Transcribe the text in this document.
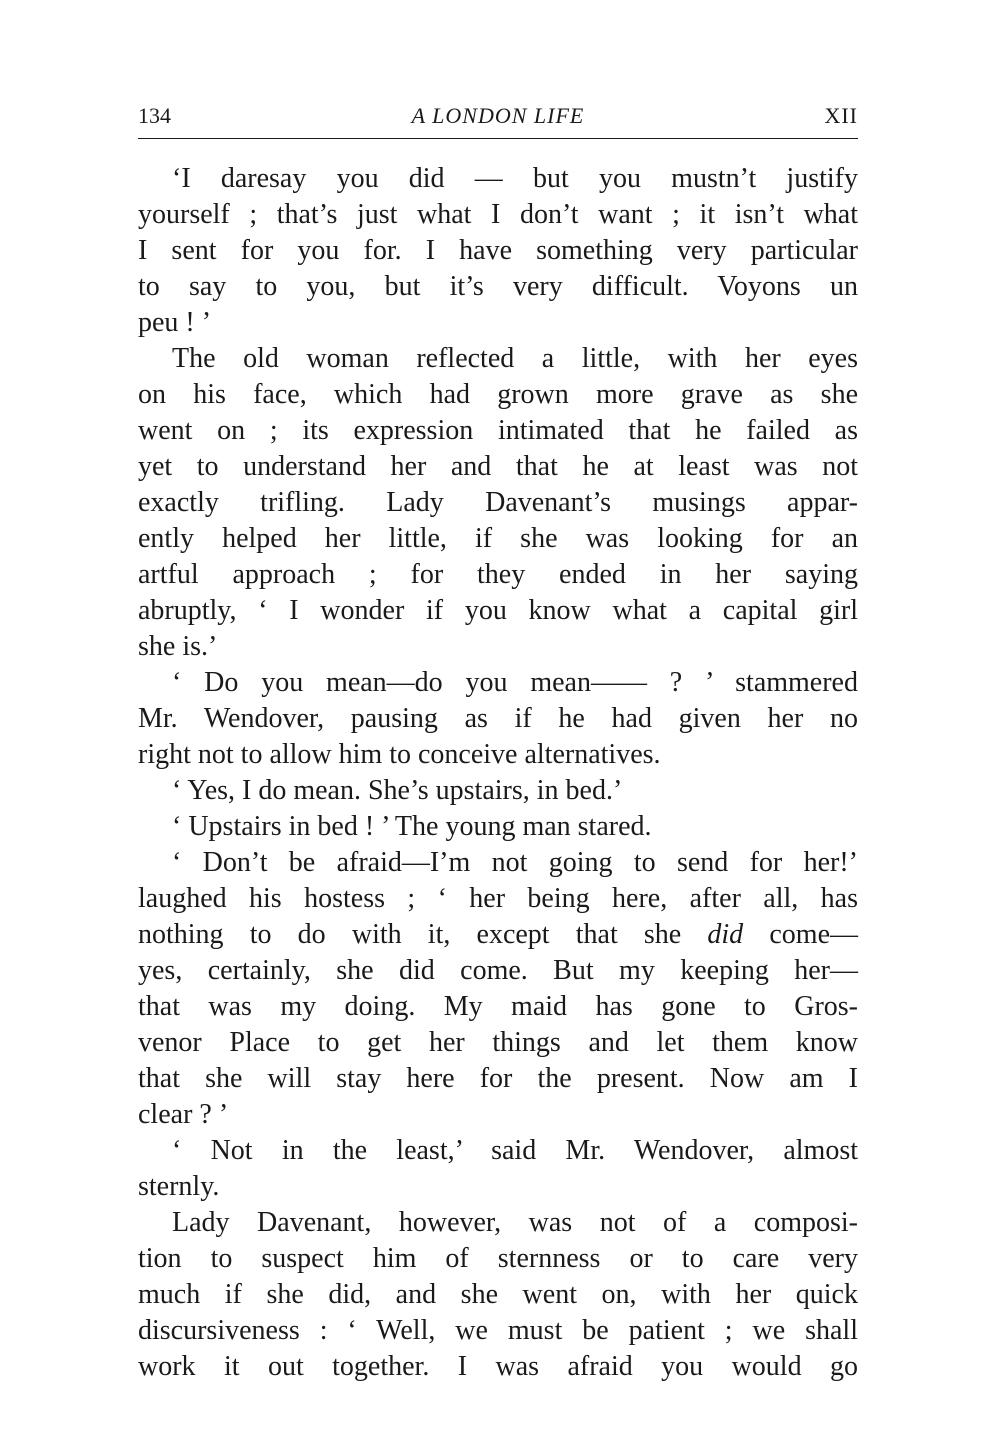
134	A LONDON LIFE	XII
‘I daresay you did — but you mustn’t justify
yourself ; that’s just what I don’t want ; it isn’t what
I sent for you for. I have something very particular
to say to you, but it’s very difficult. Voyons un
peu ! ’
The old woman reflected a little, with her eyes
on his face, which had grown more grave as she
went on ; its expression intimated that he failed as
yet to understand her and that he at least was not
exactly trifling. Lady Davenant’s musings appar-
ently helped her little, if she was looking for an
artful approach ; for they ended in her saying
abruptly, ‘ I wonder if you know what a capital girl
she is.’
‘ Do you mean—do you mean—— ? ’ stammered
Mr. Wendover, pausing as if he had given her no
right not to allow him to conceive alternatives.
‘ Yes, I do mean. She’s upstairs, in bed.’
‘ Upstairs in bed ! ’ The young man stared.
‘ Don’t be afraid—I’m not going to send for her!’
laughed his hostess ; ‘ her being here, after all, has
nothing to do with it, except that she did come—
yes, certainly, she did come. But my keeping her—
that was my doing. My maid has gone to Gros-
venor Place to get her things and let them know
that she will stay here for the present. Now am I
clear ? ’
‘ Not in the least,’ said Mr. Wendover, almost
sternly.
Lady Davenant, however, was not of a composi-
tion to suspect him of sternness or to care very
much if she did, and she went on, with her quick
discursiveness : ‘ Well, we must be patient ; we shall
work it out together. I was afraid you would go
